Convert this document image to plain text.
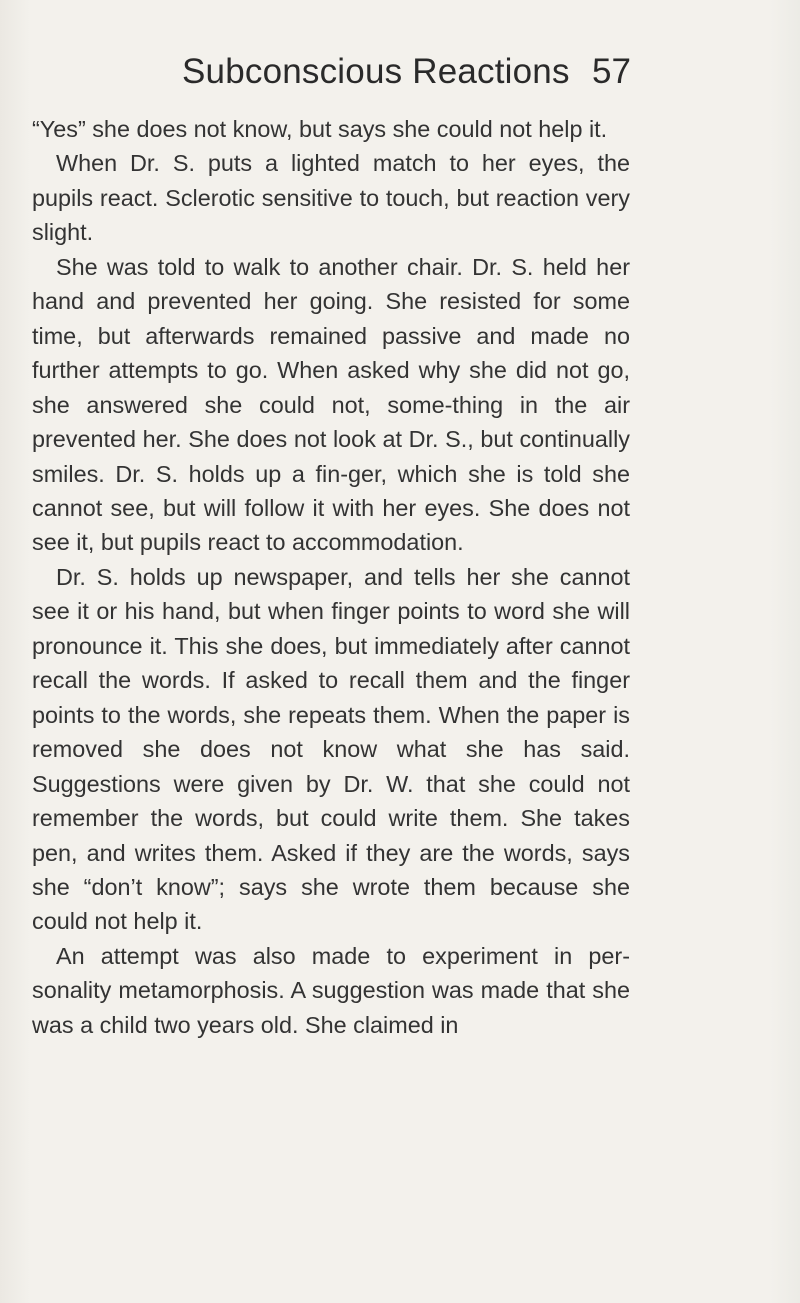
Subconscious Reactions 57

“Yes” she does not know, but says she could not help it.

When Dr. S. puts a lighted match to her eyes, the pupils react. Sclerotic sensitive to touch, but reaction very slight.

She was told to walk to another chair. Dr. S. held her hand and prevented her going. She resisted for some time, but afterwards remained passive and made no further attempts to go. When asked why she did not go, she answered she could not, some-thing in the air prevented her. She does not look at Dr. S., but continually smiles. Dr. S. holds up a fin-ger, which she is told she cannot see, but will follow it with her eyes. She does not see it, but pupils react to accommodation.

Dr. S. holds up newspaper, and tells her she cannot see it or his hand, but when finger points to word she will pronounce it. This she does, but immediately after cannot recall the words. If asked to recall them and the finger points to the words, she repeats them. When the paper is removed she does not know what she has said. Suggestions were given by Dr. W. that she could not remember the words, but could write them. She takes pen, and writes them. Asked if they are the words, says she “don’t know”; says she wrote them because she could not help it.

An attempt was also made to experiment in per-sonality metamorphosis. A suggestion was made that she was a child two years old. She claimed in
